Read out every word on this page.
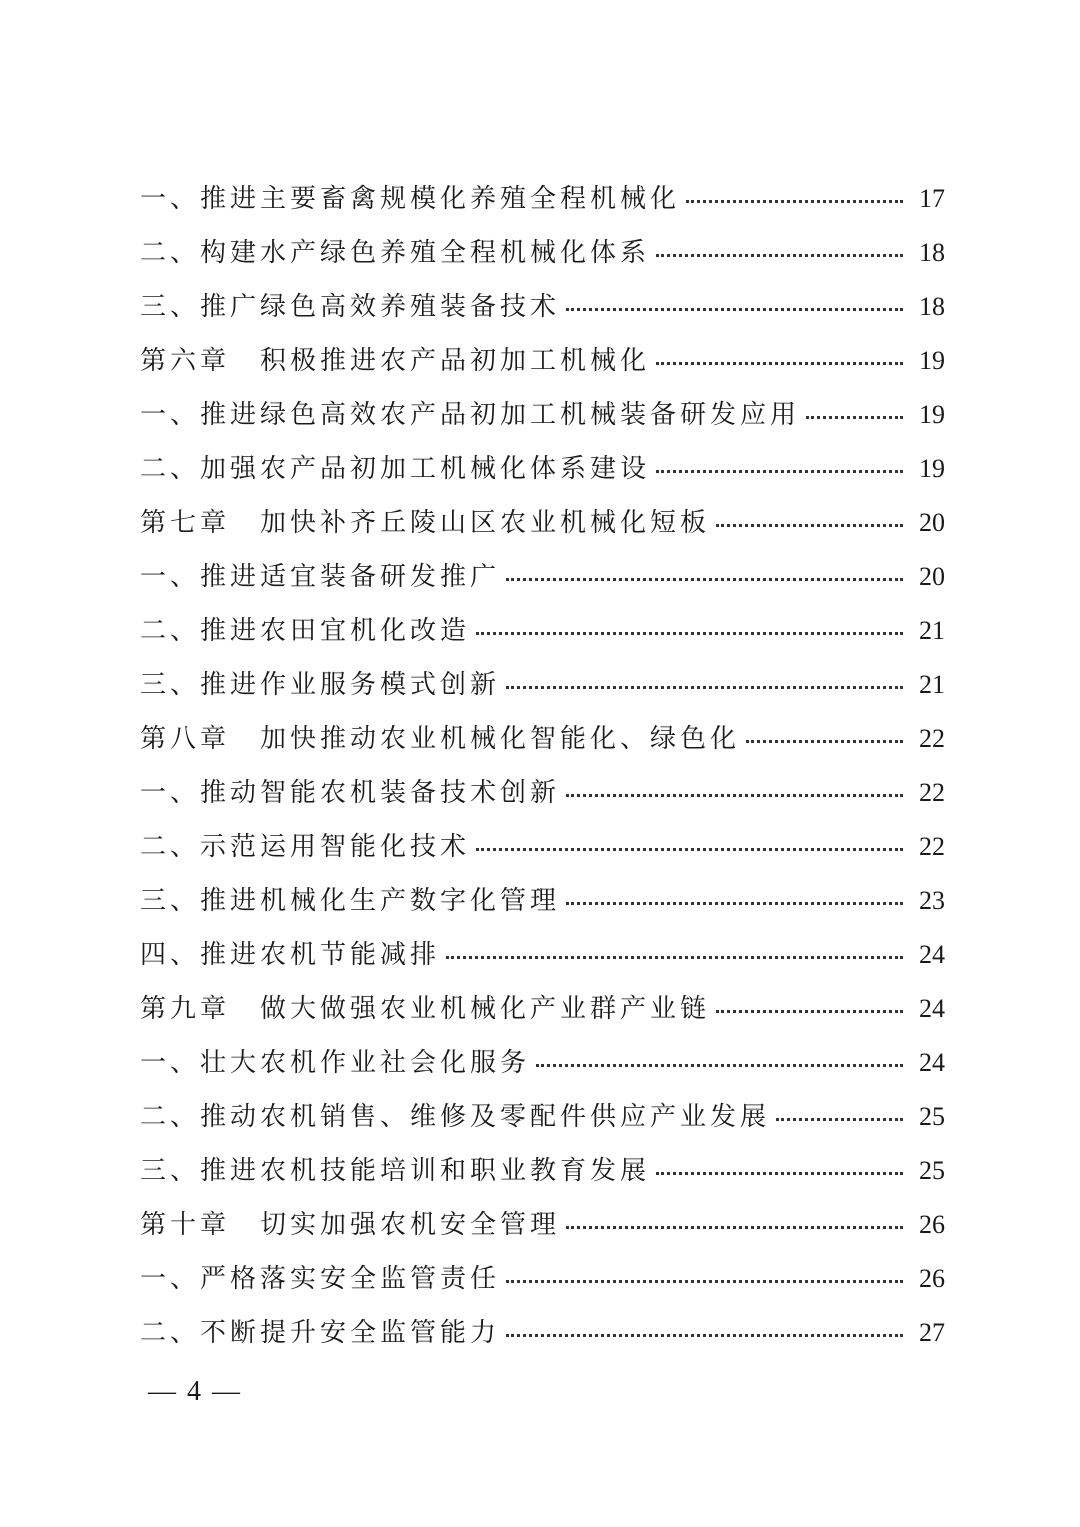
一、推进主要畜禽规模化养殖全程机械化	17
二、构建水产绿色养殖全程机械化体系	18
三、推广绿色高效养殖装备技术	18
第六章　积极推进农产品初加工机械化	19
一、推进绿色高效农产品初加工机械装备研发应用	19
二、加强农产品初加工机械化体系建设	19
第七章　加快补齐丘陵山区农业机械化短板	20
一、推进适宜装备研发推广	20
二、推进农田宜机化改造	21
三、推进作业服务模式创新	21
第八章　加快推动农业机械化智能化、绿色化	22
一、推动智能农机装备技术创新	22
二、示范运用智能化技术	22
三、推进机械化生产数字化管理	23
四、推进农机节能减排	24
第九章　做大做强农业机械化产业群产业链	24
一、壮大农机作业社会化服务	24
二、推动农机销售、维修及零配件供应产业发展	25
三、推进农机技能培训和职业教育发展	25
第十章　切实加强农机安全管理	26
一、严格落实安全监管责任	26
二、不断提升安全监管能力	27
— 4 —
